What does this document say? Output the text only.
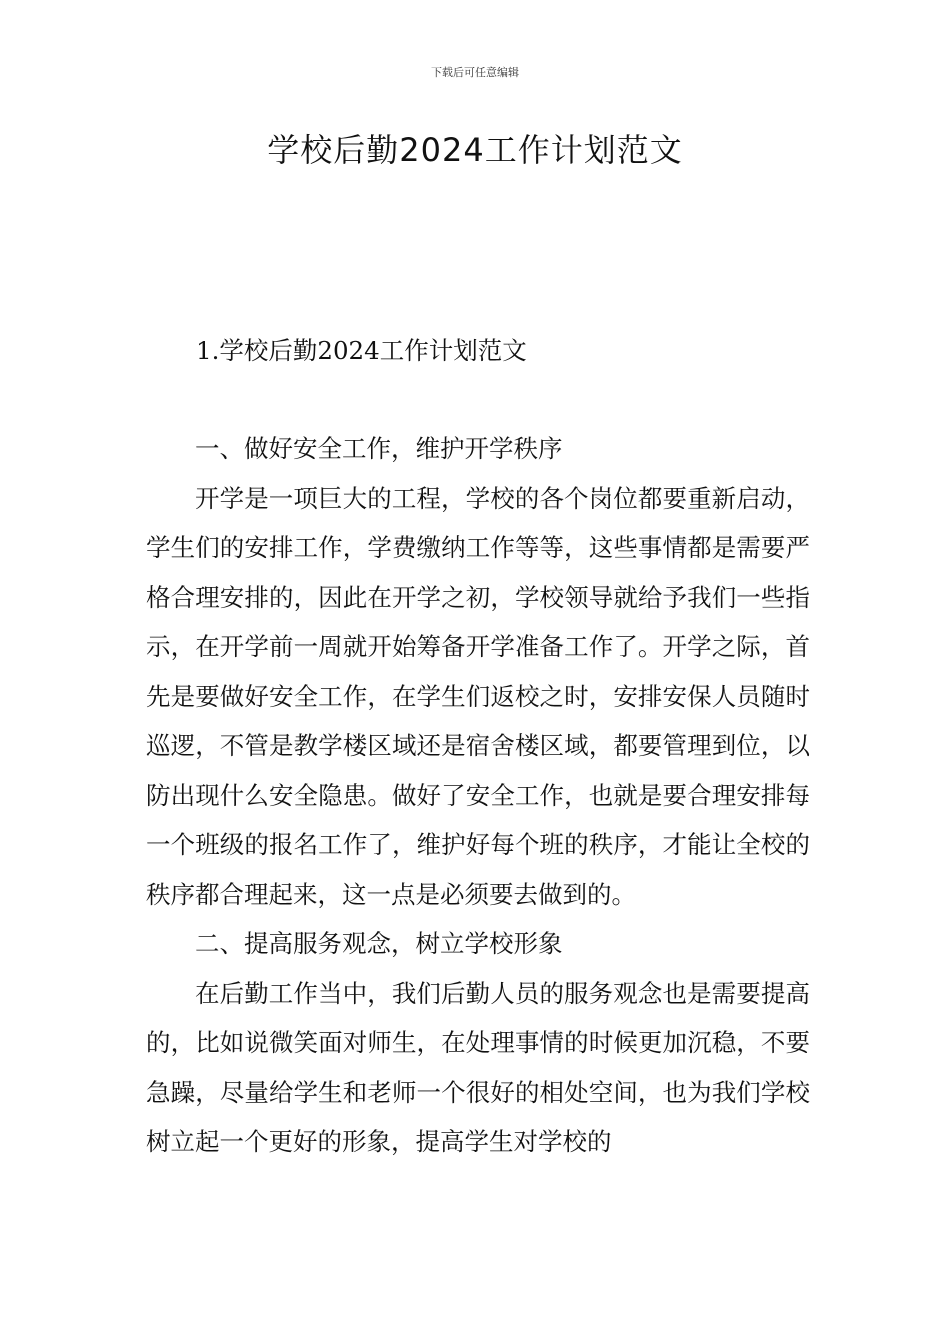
下载后可任意编辑
学校后勤2024工作计划范文
1.学校后勤2024工作计划范文

一、做好安全工作，维护开学秩序

开学是一项巨大的工程，学校的各个岗位都要重新启动，学生们的安排工作，学费缴纳工作等等，这些事情都是需要严格合理安排的，因此在开学之初，学校领导就给予我们一些指示，在开学前一周就开始筹备开学准备工作了。开学之际，首先是要做好安全工作，在学生们返校之时，安排安保人员随时巡逻，不管是教学楼区域还是宿舍楼区域，都要管理到位，以防出现什么安全隐患。做好了安全工作，也就是要合理安排每一个班级的报名工作了，维护好每个班的秩序，才能让全校的秩序都合理起来，这一点是必须要去做到的。

二、提高服务观念，树立学校形象

在后勤工作当中，我们后勤人员的服务观念也是需要提高的，比如说微笑面对师生，在处理事情的时候更加沉稳，不要急躁，尽量给学生和老师一个很好的相处空间，也为我们学校树立起一个更好的形象，提高学生对学校的
